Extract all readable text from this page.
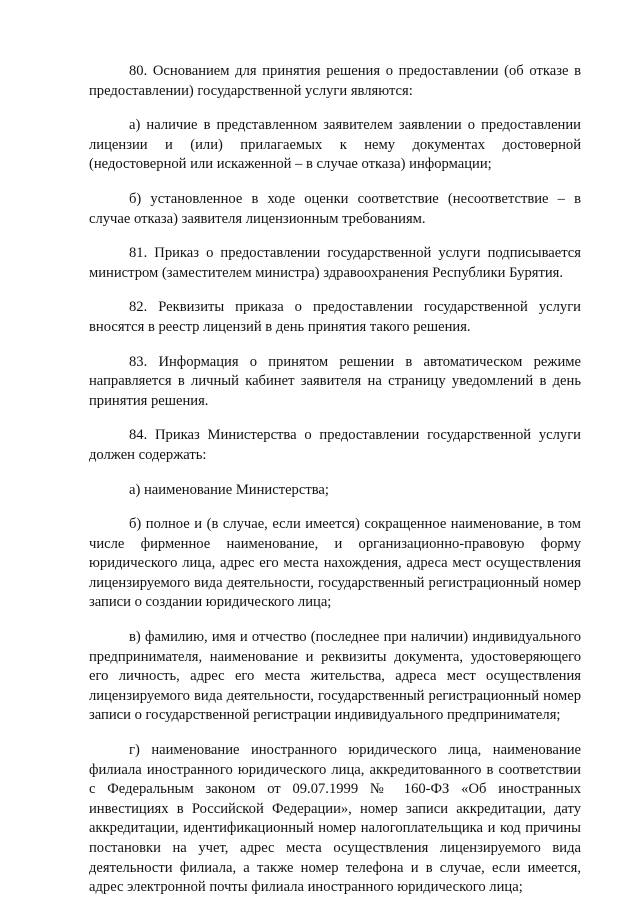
80. Основанием для принятия решения о предоставлении (об отказе в предоставлении) государственной услуги являются:

а) наличие в представленном заявителем заявлении о предоставлении лицензии и (или) прилагаемых к нему документах достоверной (недостоверной или искаженной – в случае отказа) информации;

б) установленное в ходе оценки соответствие (несоответствие – в случае отказа) заявителя лицензионным требованиям.

81. Приказ о предоставлении государственной услуги подписывается министром (заместителем министра) здравоохранения Республики Бурятия.

82. Реквизиты приказа о предоставлении государственной услуги вносятся в реестр лицензий в день принятия такого решения.

83. Информация о принятом решении в автоматическом режиме направляется в личный кабинет заявителя на страницу уведомлений в день принятия решения.

84. Приказ Министерства о предоставлении государственной услуги должен содержать:

а) наименование Министерства;

б) полное и (в случае, если имеется) сокращенное наименование, в том числе фирменное наименование, и организационно-правовую форму юридического лица, адрес его места нахождения, адреса мест осуществления лицензируемого вида деятельности, государственный регистрационный номер записи о создании юридического лица;

в) фамилию, имя и отчество (последнее при наличии) индивидуального предпринимателя, наименование и реквизиты документа, удостоверяющего его личность, адрес его места жительства, адреса мест осуществления лицензируемого вида деятельности, государственный регистрационный номер записи о государственной регистрации индивидуального предпринимателя;

г) наименование иностранного юридического лица, наименование филиала иностранного юридического лица, аккредитованного в соответствии с Федеральным законом от 09.07.1999 № 160-ФЗ «Об иностранных инвестициях в Российской Федерации», номер записи аккредитации, дату аккредитации, идентификационный номер налогоплательщика и код причины постановки на учет, адрес места осуществления лицензируемого вида деятельности филиала, а также номер телефона и в случае, если имеется, адрес электронной почты филиала иностранного юридического лица;
